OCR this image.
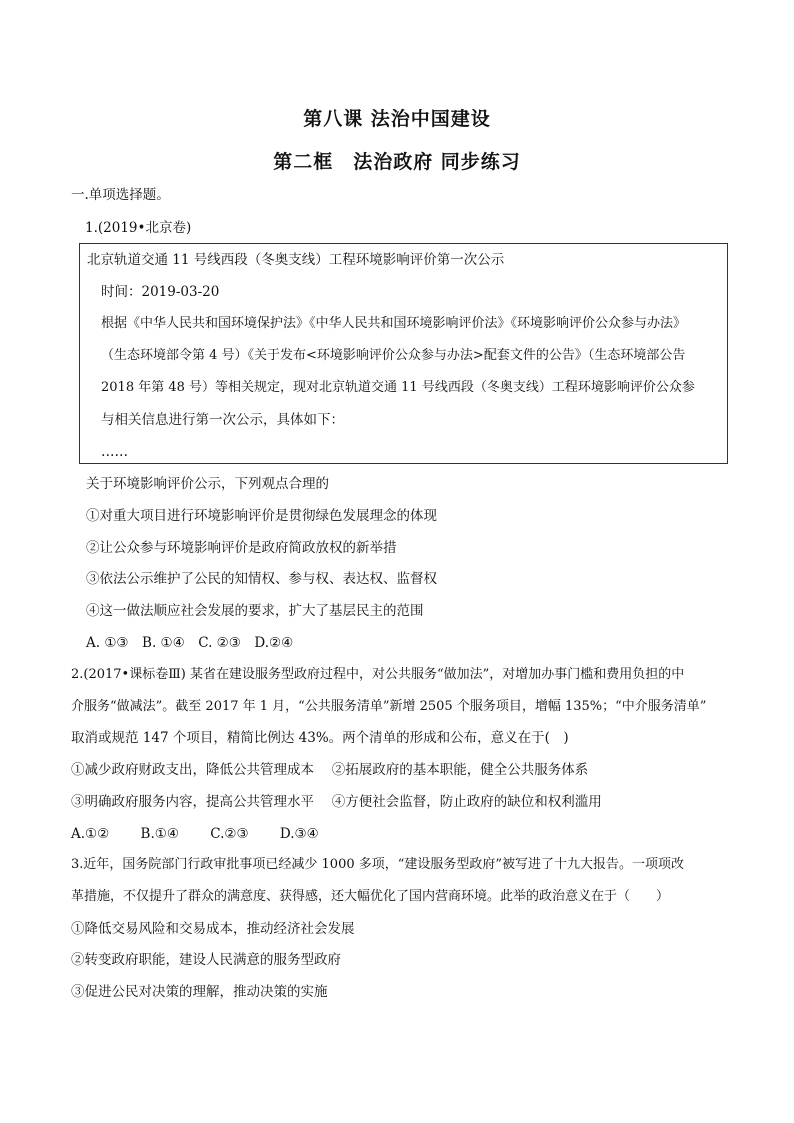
第八课 法治中国建设
第二框　法治政府 同步练习
一.单项选择题。
1.(2019•北京卷)
北京轨道交通 11 号线西段（冬奥支线）工程环境影响评价第一次公示
时间：2019-03-20
根据《中华人民共和国环境保护法》《中华人民共和国环境影响评价法》《环境影响评价公众参与办法》
（生态环境部令第 4 号）《关于发布<环境影响评价公众参与办法>配套文件的公告》（生态环境部公告
2018 年第 48 号）等相关规定，现对北京轨道交通 11 号线西段（冬奥支线）工程环境影响评价公众参
与相关信息进行第一次公示，具体如下：
……
关于环境影响评价公示，下列观点合理的
①对重大项目进行环境影响评价是贯彻绿色发展理念的体现
②让公众参与环境影响评价是政府简政放权的新举措
③依法公示维护了公民的知情权、参与权、表达权、监督权
④这一做法顺应社会发展的要求，扩大了基层民主的范围
A. ①③　B. ①④　C. ②③　D.②④
2.(2017•课标卷Ⅲ) 某省在建设服务型政府过程中，对公共服务“做加法”，对增加办事门槛和费用负担的中
介服务“做减法”。截至 2017 年 1 月，“公共服务清单”新增 2505 个服务项目，增幅 135%；“中介服务清单”
取消或规范 147 个项目，精简比例达 43%。两个清单的形成和公布，意义在于(　)
①减少政府财政支出，降低公共管理成本　 ②拓展政府的基本职能，健全公共服务体系
③明确政府服务内容，提高公共管理水平　 ④方便社会监督，防止政府的缺位和权利滥用
A.①②　　 B.①④　　 C.②③　　 D.③④
3.近年，国务院部门行政审批事项已经减少 1000 多项，“建设服务型政府”被写进了十九大报告。一项项改
革措施，不仅提升了群众的满意度、获得感，还大幅优化了国内营商环境。此举的政治意义在于（　　）
①降低交易风险和交易成本，推动经济社会发展
②转变政府职能，建设人民满意的服务型政府
③促进公民对决策的理解，推动决策的实施
